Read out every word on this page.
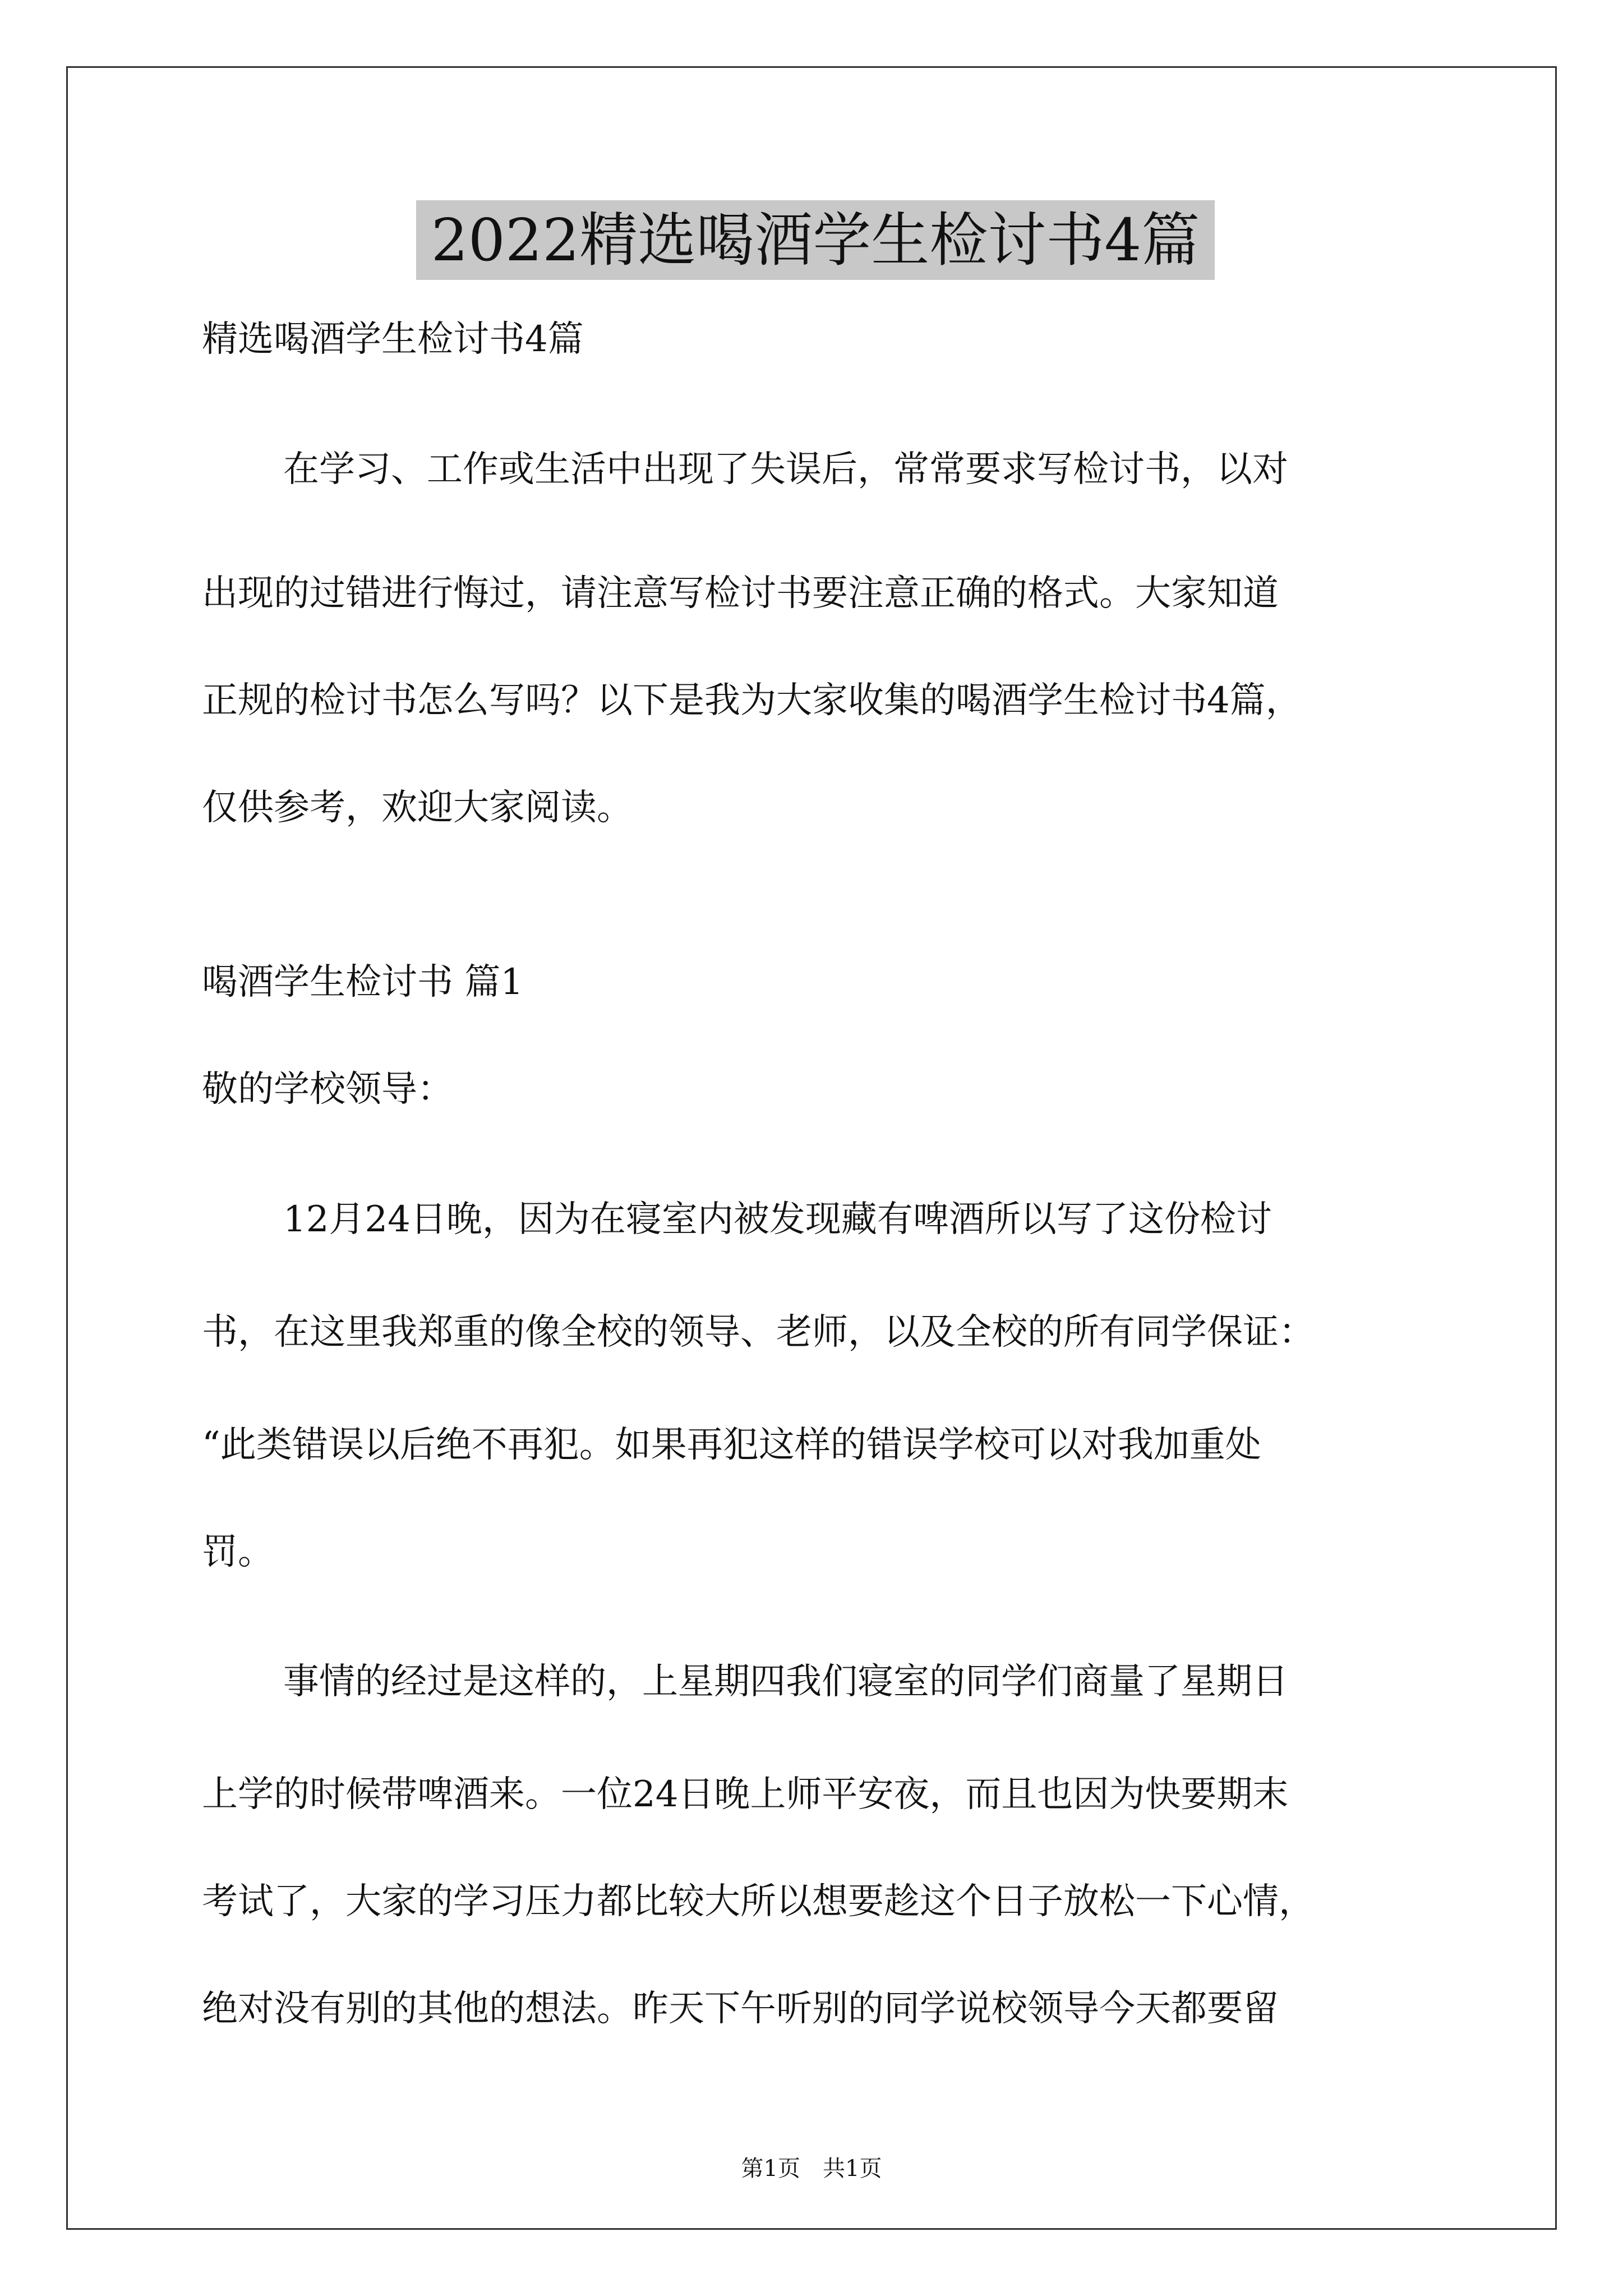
2022精选喝酒学生检讨书4篇
精选喝酒学生检讨书4篇
在学习、工作或生活中出现了失误后，常常要求写检讨书，以对
出现的过错进行悔过，请注意写检讨书要注意正确的格式。大家知道
正规的检讨书怎么写吗？以下是我为大家收集的喝酒学生检讨书4篇，
仅供参考，欢迎大家阅读。
喝酒学生检讨书 篇1
敬的学校领导：
12月24日晚，因为在寝室内被发现藏有啤酒所以写了这份检讨
书，在这里我郑重的像全校的领导、老师，以及全校的所有同学保证：
“此类错误以后绝不再犯。如果再犯这样的错误学校可以对我加重处
罚。
事情的经过是这样的，上星期四我们寝室的同学们商量了星期日
上学的时候带啤酒来。一位24日晚上师平安夜，而且也因为快要期末
考试了，大家的学习压力都比较大所以想要趁这个日子放松一下心情，
绝对没有别的其他的想法。昨天下午听别的同学说校领导今天都要留
第1页　共1页
